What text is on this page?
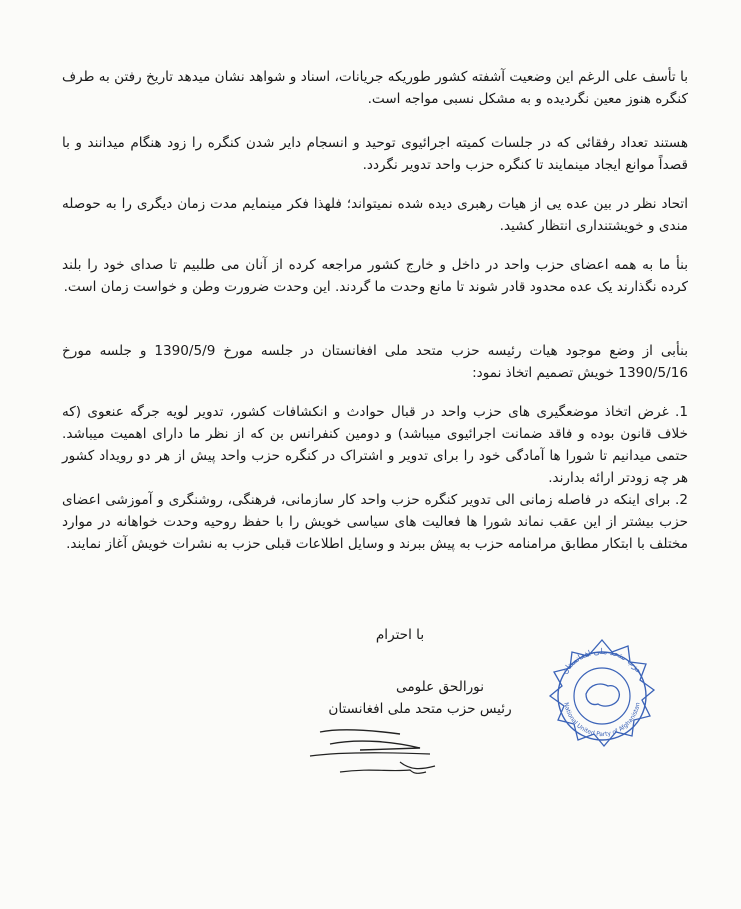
با تأسف علی الرغم این وضعیت آشفته کشور طوریکه جریانات، اسناد و شواهد نشان میدهد تاریخ رفتن به طرف کنگره هنوز معین نگردیده و به مشکل نسبی مواجه است.

هستند تعداد رفقائی که در جلسات کمیته اجرائیوی توحید و انسجام دایر شدن کنگره را زود هنگام میدانند و با قصداً موانع ایجاد مینمایند تا کنگره حزب واحد تدویر نگردد.

اتحاد نظر در بین عده یی از هیات رهبری دیده شده نمیتواند؛ فلهذا فکر مینمایم مدت زمان دیگری را به حوصله مندی و خویشتنداری انتظار کشید.

بنأ ما به همه اعضای حزب واحد در داخل و خارج کشور مراجعه کرده از آنان می طلبیم تا صدای خود را بلند کرده نگذارند یک عده محدود قادر شوند تا مانع وحدت ما گردند. این وحدت ضرورت وطن و خواست زمان است.

بنأبی از وضع موجود هیات رئیسه حزب متحد ملی افغانستان در جلسه مورخ 1390/5/9 و جلسه مورخ 1390/5/16 خویش تصمیم اتخاذ نمود:

1. غرض اتخاذ موضعگیری های حزب واحد در قبال حوادث و انکشافات کشور، تدویر لویه جرگه عنعوی (که خلاف قانون بوده و فاقد ضمانت اجرائیوی میباشد) و دومین کنفرانس بن که از نظر ما دارای اهمیت میباشد. حتمی میدانیم تا شورا ها آمادگی خود را برای تدویر و اشتراک در کنگره حزب واحد پیش از هر دو رویداد کشور هر چه زودتر ارائه بدارند.

2. برای اینکه در فاصله زمانی الی تدویر کنگره حزب واحد کار سازمانی، فرهنگی، روشنگری و آموزشی اعضای حزب بیشتر از این عقب نماند شورا ها فعالیت های سیاسی خویش را با حفظ روحیه وحدت خواهانه در موارد مختلف با ابتکار مطابق مرامنامه حزب به پیش ببرند و وسایل اطلاعات قبلی حزب به نشرات خویش آغاز نمایند.

با احترام
نورالحق علومی
رئیس حزب متحد ملی افغانستان
حزب متحد ملی افغانستان
National United Party of Afghanistan
